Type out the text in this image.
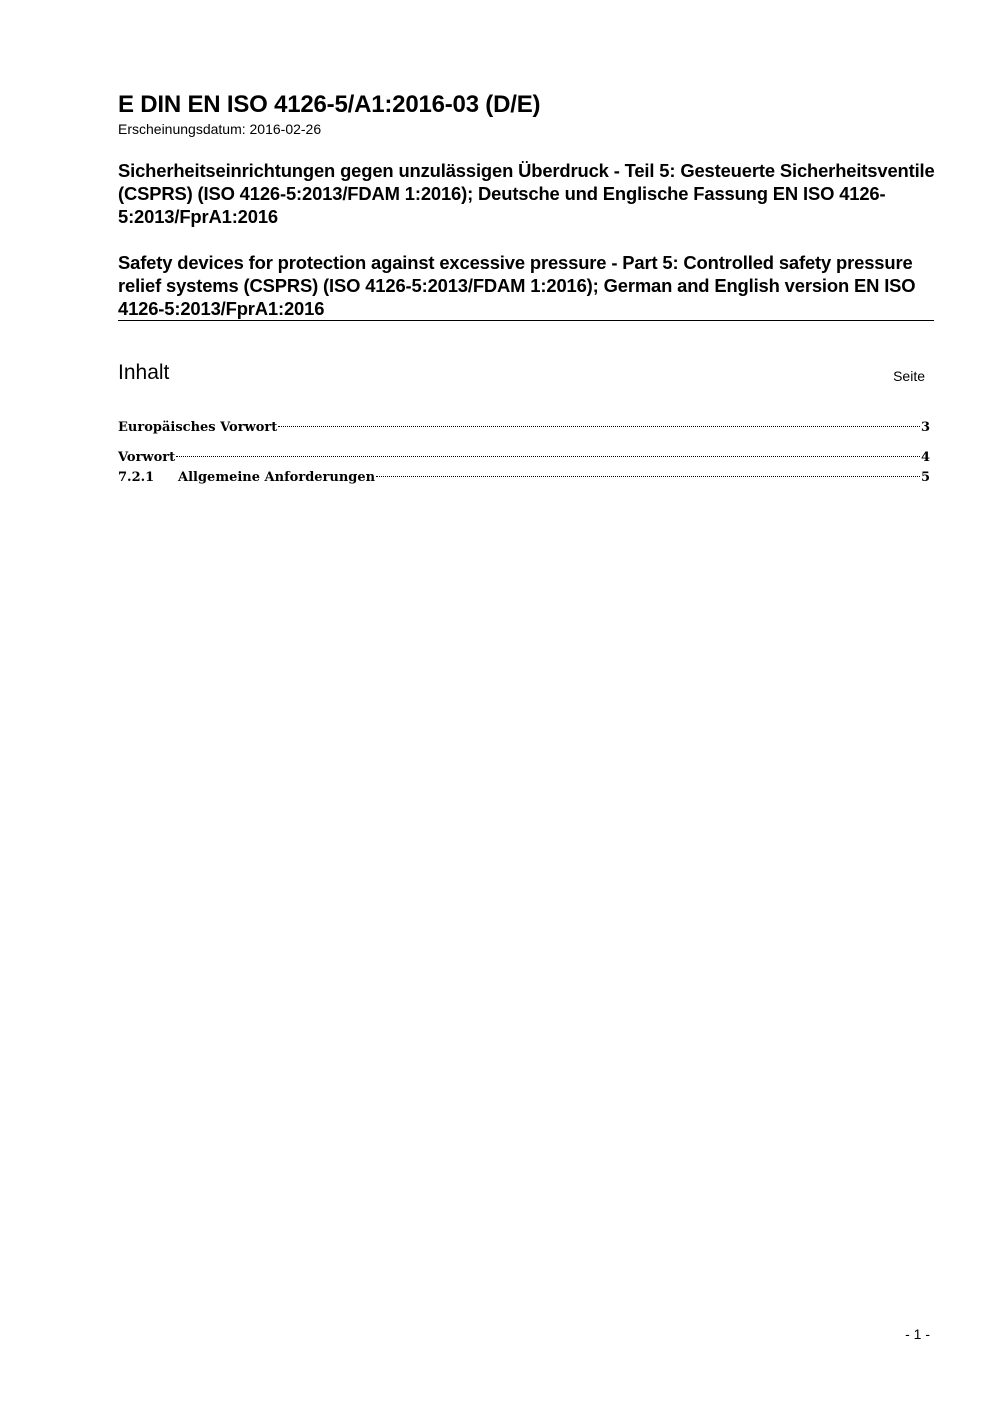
E DIN EN ISO 4126-5/A1:2016-03 (D/E)
Erscheinungsdatum: 2016-02-26

Sicherheitseinrichtungen gegen unzulässigen Überdruck - Teil 5: Gesteuerte Sicherheitsventile (CSPRS) (ISO 4126-5:2013/FDAM 1:2016); Deutsche und Englische Fassung EN ISO 4126-5:2013/FprA1:2016

Safety devices for protection against excessive pressure - Part 5: Controlled safety pressure relief systems (CSPRS) (ISO 4126-5:2013/FDAM 1:2016); German and English version EN ISO 4126-5:2013/FprA1:2016

Inhalt	Seite
Europäisches Vorwort	3
Vorwort	4
7.2.1	Allgemeine Anforderungen	5
- 1 -
